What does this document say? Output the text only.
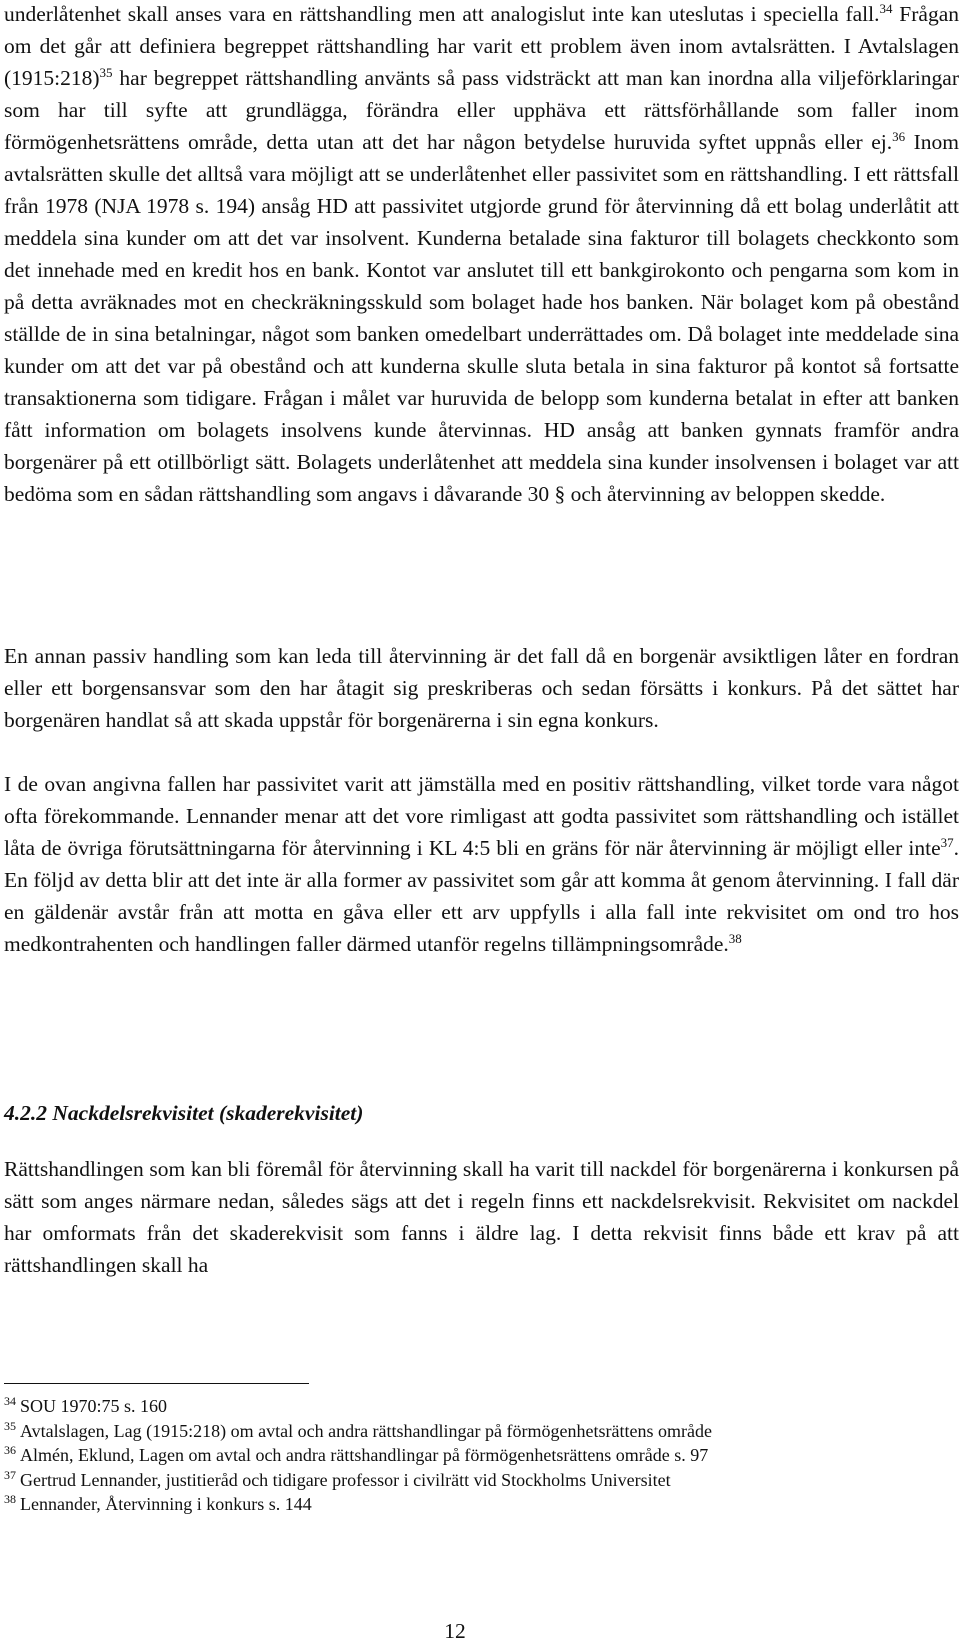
underlåtenhet skall anses vara en rättshandling men att analogislut inte kan uteslutas i speciella fall.$^{34}$ Frågan om det går att definiera begreppet rättshandling har varit ett problem även inom avtalsrätten. I Avtalslagen (1915:218)$^{35}$ har begreppet rättshandling använts så pass vidsträckt att man kan inordna alla viljeförklaringar som har till syfte att grundlägga, förändra eller upphäva ett rättsförhållande som faller inom förmögenhetsrättens område, detta utan att det har någon betydelse huruvida syftet uppnås eller ej.$^{36}$ Inom avtalsrätten skulle det alltså vara möjligt att se underlåtenhet eller passivitet som en rättshandling. I ett rättsfall från 1978 (NJA 1978 s. 194) ansåg HD att passivitet utgjorde grund för återvinning då ett bolag underlåtit att meddela sina kunder om att det var insolvent. Kunderna betalade sina fakturor till bolagets checkkonto som det innehade med en kredit hos en bank. Kontot var anslutet till ett bankgirokonto och pengarna som kom in på detta avräknades mot en checkräkningsskuld som bolaget hade hos banken. När bolaget kom på obestånd ställde de in sina betalningar, något som banken omedelbart underrättades om. Då bolaget inte meddelade sina kunder om att det var på obestånd och att kunderna skulle sluta betala in sina fakturor på kontot så fortsatte transaktionerna som tidigare. Frågan i målet var huruvida de belopp som kunderna betalat in efter att banken fått information om bolagets insolvens kunde återvinnas. HD ansåg att banken gynnats framför andra borgenärer på ett otillbörligt sätt. Bolagets underlåtenhet att meddela sina kunder insolvensen i bolaget var att bedöma som en sådan rättshandling som angavs i dåvarande 30 § och återvinning av beloppen skedde.

En annan passiv handling som kan leda till återvinning är det fall då en borgenär avsiktligen låter en fordran eller ett borgensansvar som den har åtagit sig preskriberas och sedan försätts i konkurs. På det sättet har borgenären handlat så att skada uppstår för borgenärerna i sin egna konkurs.

I de ovan angivna fallen har passivitet varit att jämställa med en positiv rättshandling, vilket torde vara något ofta förekommande. Lennander menar att det vore rimligast att godta passivitet som rättshandling och istället låta de övriga förutsättningarna för återvinning i KL 4:5 bli en gräns för när återvinning är möjligt eller inte$^{37}$. En följd av detta blir att det inte är alla former av passivitet som går att komma åt genom återvinning. I fall där en gäldenär avstår från att motta en gåva eller ett arv uppfylls i alla fall inte rekvisitet om ond tro hos medkontrahenten och handlingen faller därmed utanför regelns tillämpningsområde.$^{38}$

4.2.2 Nackdelsrekvisitet (skaderekvisitet)

Rättshandlingen som kan bli föremål för återvinning skall ha varit till nackdel för borgenärerna i konkursen på sätt som anges närmare nedan, således sägs att det i regeln finns ett nackdelsrekvisit. Rekvisitet om nackdel har omformats från det skaderekvisit som fanns i äldre lag. I detta rekvisit finns både ett krav på att rättshandlingen skall ha

$^{34}$ SOU 1970:75 s. 160

$^{35}$ Avtalslagen, Lag (1915:218) om avtal och andra rättshandlingar på förmögenhetsrättens område

$^{36}$ Almén, Eklund, Lagen om avtal och andra rättshandlingar på förmögenhetsrättens område s. 97

$^{37}$ Gertrud Lennander, justitieråd och tidigare professor i civilrätt vid Stockholms Universitet

$^{38}$ Lennander, Återvinning i konkurs s. 144

12
